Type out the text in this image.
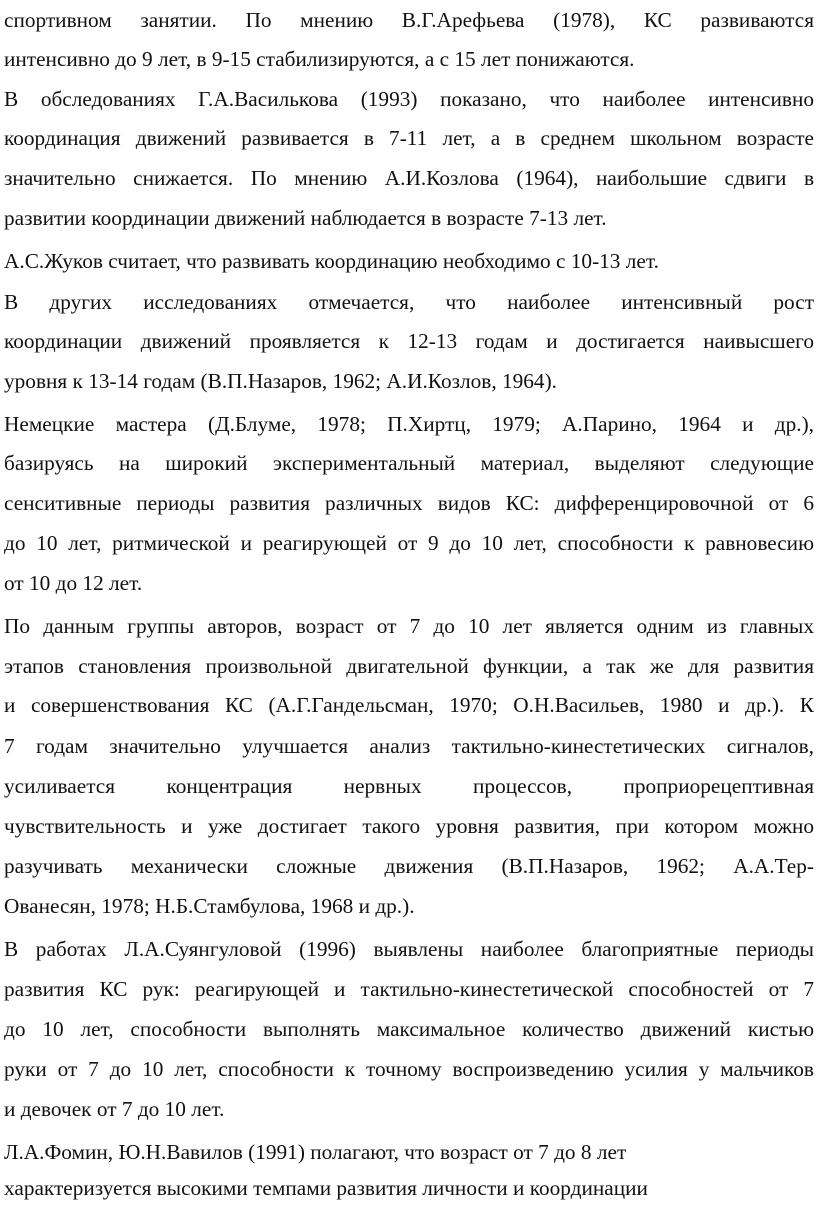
спортивном занятии. По мнению В.Г.Арефьева (1978), КС развиваются
интенсивно до 9 лет, в 9-15 стабилизируются, а с 15 лет понижаются.
В обследованиях Г.А.Василькова (1993) показано, что наиболее интенсивно
координация движений развивается в 7-11 лет, а в среднем школьном возрасте
значительно снижается. По мнению А.И.Козлова (1964), наибольшие сдвиги в
развитии координации движений наблюдается в возрасте 7-13 лет.
А.С.Жуков считает, что развивать координацию необходимо с 10-13 лет.
В других исследованиях отмечается, что наиболее интенсивный рост
координации движений проявляется к 12-13 годам и достигается наивысшего
уровня к 13-14 годам (В.П.Назаров, 1962; А.И.Козлов, 1964).
Немецкие мастера (Д.Блуме, 1978; П.Хиртц, 1979; А.Парино, 1964 и др.),
базируясь на широкий экспериментальный материал, выделяют следующие
сенситивные периоды развития различных видов КС: дифференцировочной от 6
до 10 лет, ритмической и реагирующей от 9 до 10 лет, способности к равновесию
от 10 до 12 лет.
По данным группы авторов, возраст от 7 до 10 лет является одним из главных
этапов становления произвольной двигательной функции, а так же для развития
и совершенствования КС (А.Г.Гандельсман, 1970; О.Н.Васильев, 1980 и др.). К
7 годам значительно улучшается анализ тактильно-кинестетических сигналов,
усиливается концентрация нервных процессов, проприорецептивная
чувствительность и уже достигает такого уровня развития, при котором можно
разучивать механически сложные движения (В.П.Назаров, 1962; А.А.Тер-
Ованесян, 1978; Н.Б.Стамбулова, 1968 и др.).
В работах Л.А.Суянгуловой (1996) выявлены наиболее благоприятные периоды
развития КС рук: реагирующей и тактильно-кинестетической способностей от 7
до 10 лет, способности выполнять максимальное количество движений кистью
руки от 7 до 10 лет, способности к точному воспроизведению усилия у мальчиков
и девочек от 7 до 10 лет.
Л.А.Фомин, Ю.Н.Вавилов (1991) полагают, что возраст от 7 до 8 лет
характеризуется высокими темпами развития личности и координации
